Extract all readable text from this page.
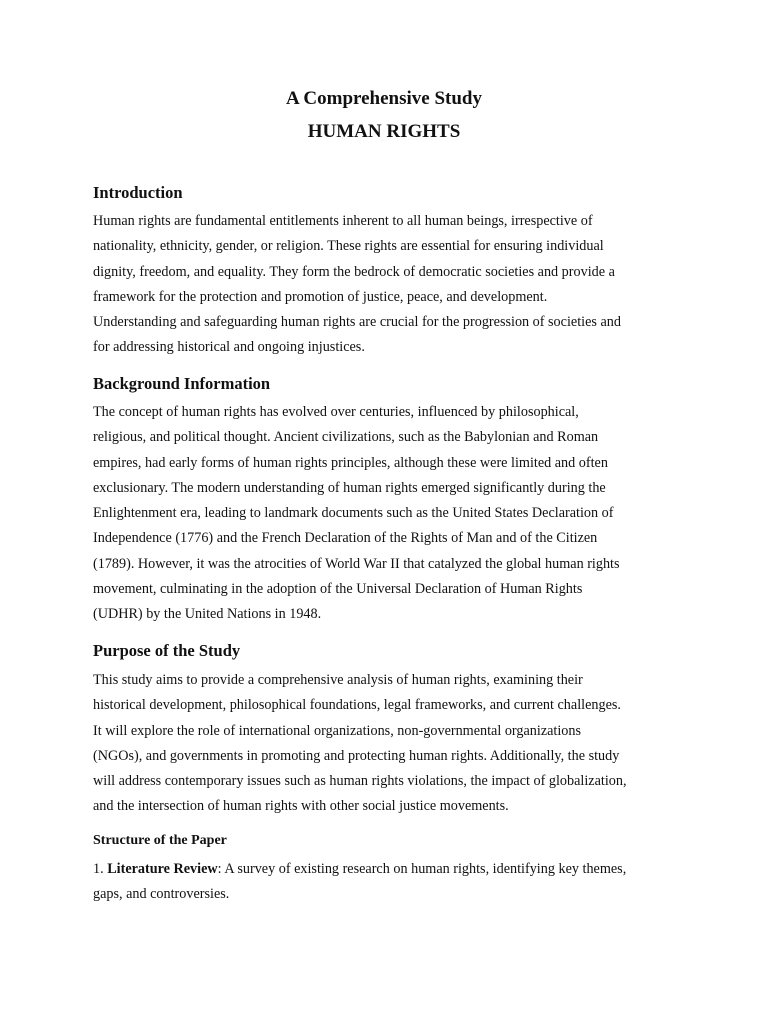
A Comprehensive Study
HUMAN RIGHTS
Introduction

Human rights are fundamental entitlements inherent to all human beings, irrespective of
nationality, ethnicity, gender, or religion. These rights are essential for ensuring individual
dignity, freedom, and equality. They form the bedrock of democratic societies and provide a
framework for the protection and promotion of justice, peace, and development.
Understanding and safeguarding human rights are crucial for the progression of societies and
for addressing historical and ongoing injustices.

Background Information

The concept of human rights has evolved over centuries, influenced by philosophical,
religious, and political thought. Ancient civilizations, such as the Babylonian and Roman
empires, had early forms of human rights principles, although these were limited and often
exclusionary. The modern understanding of human rights emerged significantly during the
Enlightenment era, leading to landmark documents such as the United States Declaration of
Independence (1776) and the French Declaration of the Rights of Man and of the Citizen
(1789). However, it was the atrocities of World War II that catalyzed the global human rights
movement, culminating in the adoption of the Universal Declaration of Human Rights
(UDHR) by the United Nations in 1948.

Purpose of the Study

This study aims to provide a comprehensive analysis of human rights, examining their
historical development, philosophical foundations, legal frameworks, and current challenges.
It will explore the role of international organizations, non-governmental organizations
(NGOs), and governments in promoting and protecting human rights. Additionally, the study
will address contemporary issues such as human rights violations, the impact of globalization,
and the intersection of human rights with other social justice movements.

Structure of the Paper

1. Literature Review: A survey of existing research on human rights, identifying key themes,
gaps, and controversies.
